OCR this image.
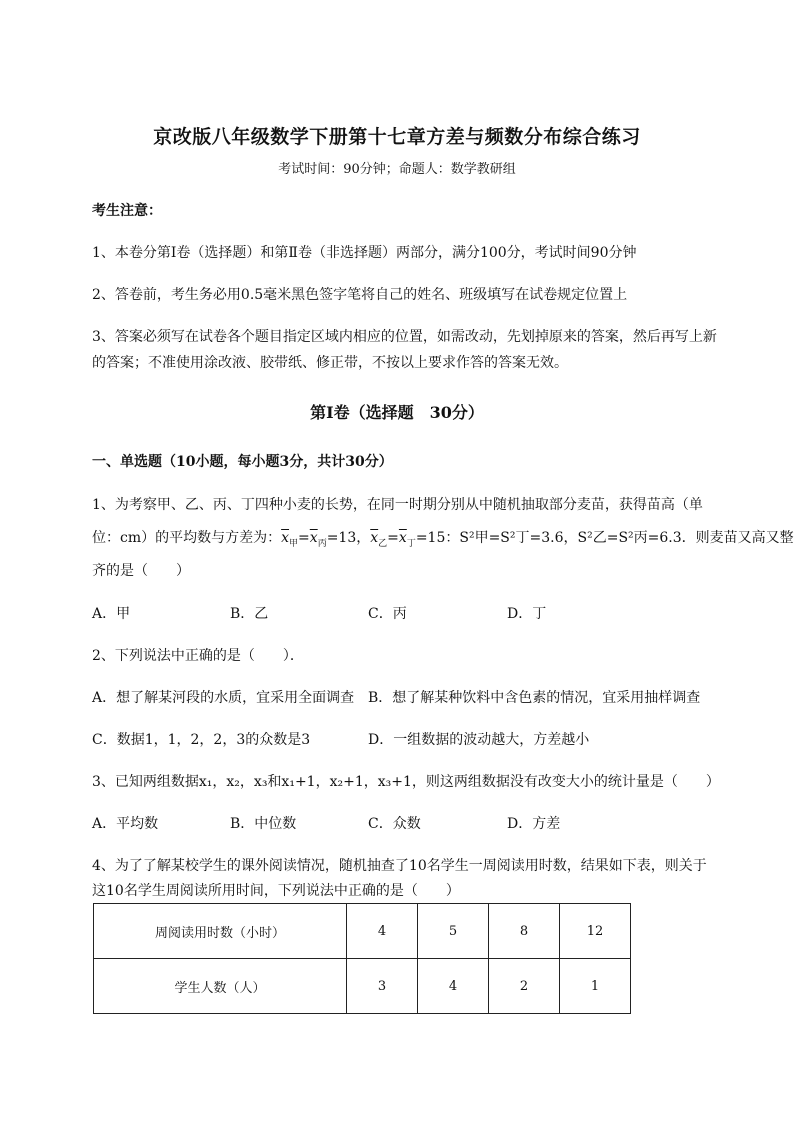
京改版八年级数学下册第十七章方差与频数分布综合练习
考试时间：90分钟；命题人：数学教研组
考生注意：
1、本卷分第Ⅰ卷（选择题）和第Ⅱ卷（非选择题）两部分，满分100分，考试时间90分钟
2、答卷前，考生务必用0.5毫米黑色签字笔将自己的姓名、班级填写在试卷规定位置上
3、答案必须写在试卷各个题目指定区域内相应的位置，如需改动，先划掉原来的答案，然后再写上新
的答案；不准使用涂改液、胶带纸、修正带，不按以上要求作答的答案无效。
第Ⅰ卷（选择题　30分）
一、单选题（10小题，每小题3分，共计30分）
1、为考察甲、乙、丙、丁四种小麦的长势，在同一时期分别从中随机抽取部分麦苗，获得苗高（单
位：cm）的平均数与方差为：$\overline{x}_甲=\overline{x}_丙=13$，$\overline{x}_乙=\overline{x}_丁=15$：S²甲=S²丁=3.6，S²乙=S²丙=6.3．则麦苗又高又整
齐的是（　　）
A．甲	B．乙	C．丙	D．丁
2、下列说法中正确的是（　　）．
A．想了解某河段的水质，宜采用全面调查 B．想了解某种饮料中含色素的情况，宜采用抽样调查
C．数据1，1，2，2，3的众数是3	D．一组数据的波动越大，方差越小
3、已知两组数据x₁，x₂，x₃和x₁+1，x₂+1，x₃+1，则这两组数据没有改变大小的统计量是（　　）
A．平均数	B．中位数	C．众数	D．方差
4、为了了解某校学生的课外阅读情况，随机抽查了10名学生一周阅读用时数，结果如下表，则关于
这10名学生周阅读所用时间，下列说法中正确的是（　　）
周阅读用时数（小时）	4	5	8	12
学生人数（人）	3	4	2	1
